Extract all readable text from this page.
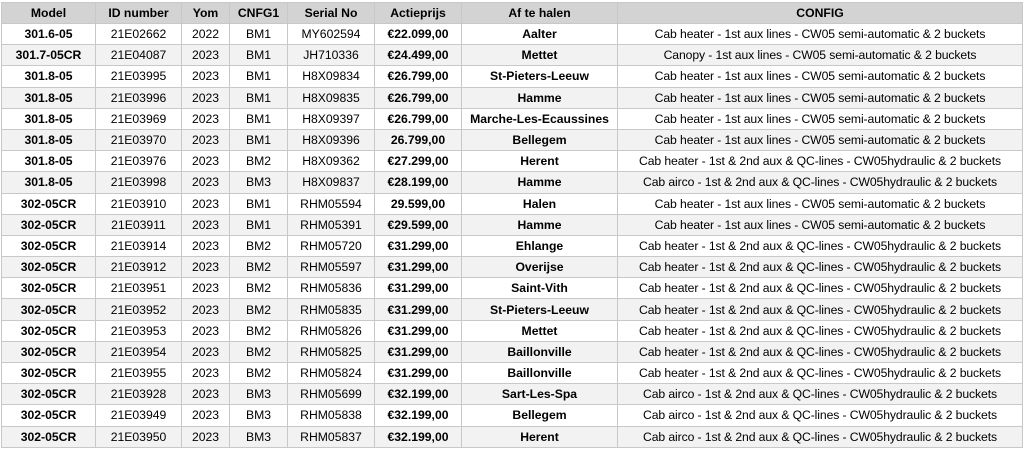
Model	ID number	Yom	CNFG1	Serial No	Actieprijs	Af te halen	CONFIG
301.6-05	21E02662	2022	BM1	MY602594	€22.099,00	Aalter	Cab heater - 1st aux lines - CW05 semi-automatic & 2 buckets
301.7-05CR	21E04087	2023	BM1	JH710336	€24.499,00	Mettet	Canopy - 1st aux lines - CW05 semi-automatic & 2 buckets
301.8-05	21E03995	2023	BM1	H8X09834	€26.799,00	St-Pieters-Leeuw	Cab heater - 1st aux lines - CW05 semi-automatic & 2 buckets
301.8-05	21E03996	2023	BM1	H8X09835	€26.799,00	Hamme	Cab heater - 1st aux lines - CW05 semi-automatic & 2 buckets
301.8-05	21E03969	2023	BM1	H8X09397	€26.799,00	Marche-Les-Ecaussines	Cab heater - 1st aux lines - CW05 semi-automatic & 2 buckets
301.8-05	21E03970	2023	BM1	H8X09396	26.799,00	Bellegem	Cab heater - 1st aux lines - CW05 semi-automatic & 2 buckets
301.8-05	21E03976	2023	BM2	H8X09362	€27.299,00	Herent	Cab heater - 1st & 2nd aux & QC-lines - CW05hydraulic & 2 buckets
301.8-05	21E03998	2023	BM3	H8X09837	€28.199,00	Hamme	Cab airco - 1st & 2nd aux & QC-lines - CW05hydraulic & 2 buckets
302-05CR	21E03910	2023	BM1	RHM05594	29.599,00	Halen	Cab heater - 1st aux lines - CW05 semi-automatic & 2 buckets
302-05CR	21E03911	2023	BM1	RHM05391	€29.599,00	Hamme	Cab heater - 1st aux lines - CW05 semi-automatic & 2 buckets
302-05CR	21E03914	2023	BM2	RHM05720	€31.299,00	Ehlange	Cab heater - 1st & 2nd aux & QC-lines - CW05hydraulic & 2 buckets
302-05CR	21E03912	2023	BM2	RHM05597	€31.299,00	Overijse	Cab heater - 1st & 2nd aux & QC-lines - CW05hydraulic & 2 buckets
302-05CR	21E03951	2023	BM2	RHM05836	€31.299,00	Saint-Vith	Cab heater - 1st & 2nd aux & QC-lines - CW05hydraulic & 2 buckets
302-05CR	21E03952	2023	BM2	RHM05835	€31.299,00	St-Pieters-Leeuw	Cab heater - 1st & 2nd aux & QC-lines - CW05hydraulic & 2 buckets
302-05CR	21E03953	2023	BM2	RHM05826	€31.299,00	Mettet	Cab heater - 1st & 2nd aux & QC-lines - CW05hydraulic & 2 buckets
302-05CR	21E03954	2023	BM2	RHM05825	€31.299,00	Baillonville	Cab heater - 1st & 2nd aux & QC-lines - CW05hydraulic & 2 buckets
302-05CR	21E03955	2023	BM2	RHM05824	€31.299,00	Baillonville	Cab heater - 1st & 2nd aux & QC-lines - CW05hydraulic & 2 buckets
302-05CR	21E03928	2023	BM3	RHM05699	€32.199,00	Sart-Les-Spa	Cab airco - 1st & 2nd aux & QC-lines - CW05hydraulic & 2 buckets
302-05CR	21E03949	2023	BM3	RHM05838	€32.199,00	Bellegem	Cab airco - 1st & 2nd aux & QC-lines - CW05hydraulic & 2 buckets
302-05CR	21E03950	2023	BM3	RHM05837	€32.199,00	Herent	Cab airco - 1st & 2nd aux & QC-lines - CW05hydraulic & 2 buckets
